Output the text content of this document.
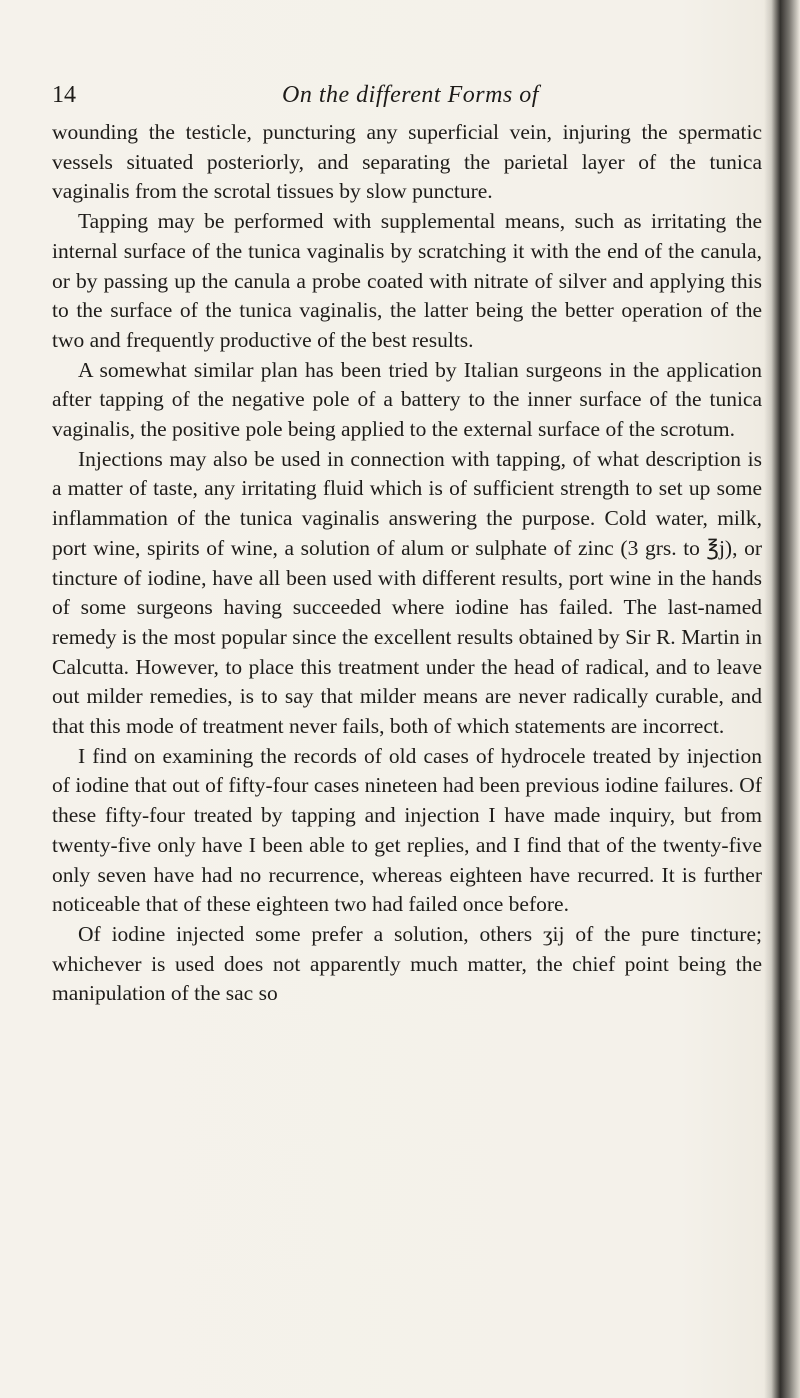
14	On the different Forms of

wounding the testicle, puncturing any superficial vein, injuring the spermatic vessels situated posteriorly, and separating the parietal layer of the tunica vaginalis from the scrotal tissues by slow puncture.

Tapping may be performed with supplemental means, such as irritating the internal surface of the tunica vaginalis by scratching it with the end of the canula, or by passing up the canula a probe coated with nitrate of silver and applying this to the surface of the tunica vaginalis, the latter being the better operation of the two and frequently productive of the best results.

A somewhat similar plan has been tried by Italian surgeons in the application after tapping of the negative pole of a battery to the inner surface of the tunica vaginalis, the positive pole being applied to the external surface of the scrotum.

Injections may also be used in connection with tapping, of what description is a matter of taste, any irritating fluid which is of sufficient strength to set up some inflammation of the tunica vaginalis answering the purpose. Cold water, milk, port wine, spirits of wine, a solution of alum or sulphate of zinc (3 grs. to ℥j), or tincture of iodine, have all been used with different results, port wine in the hands of some surgeons having succeeded where iodine has failed. The last-named remedy is the most popular since the excellent results obtained by Sir R. Martin in Calcutta. However, to place this treatment under the head of radical, and to leave out milder remedies, is to say that milder means are never radically curable, and that this mode of treatment never fails, both of which statements are incorrect.

I find on examining the records of old cases of hydrocele treated by injection of iodine that out of fifty-four cases nineteen had been previous iodine failures. Of these fifty-four treated by tapping and injection I have made inquiry, but from twenty-five only have I been able to get replies, and I find that of the twenty-five only seven have had no recurrence, whereas eighteen have recurred. It is further noticeable that of these eighteen two had failed once before.

Of iodine injected some prefer a solution, others ʒij of the pure tincture; whichever is used does not apparently much matter, the chief point being the manipulation of the sac so
